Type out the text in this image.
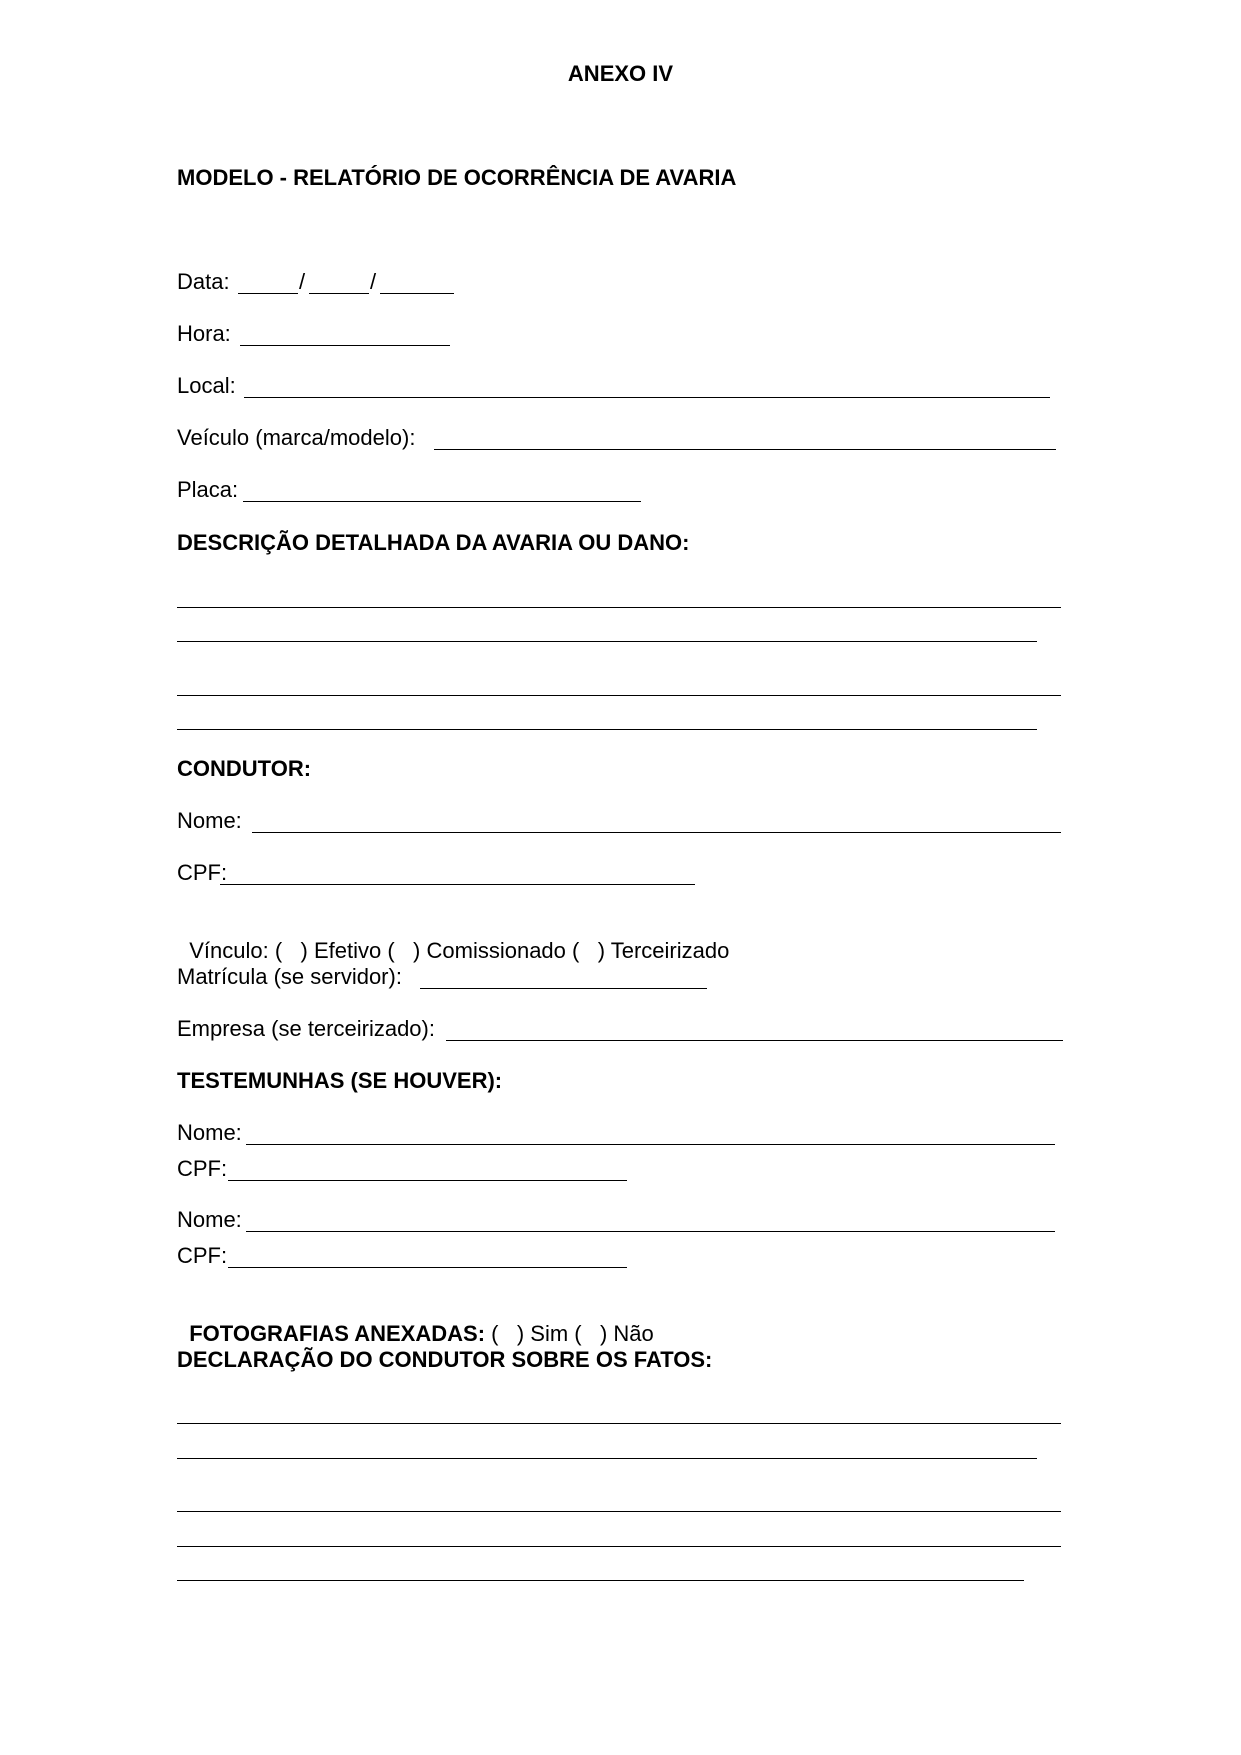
ANEXO IV
MODELO - RELATÓRIO DE OCORRÊNCIA DE AVARIA
Data:	/	/
Hora:
Local:
Veículo (marca/modelo):
Placa:
DESCRIÇÃO DETALHADA DA AVARIA OU DANO:
CONDUTOR:
Nome:
CPF:

Vínculo: (   ) Efetivo (   ) Comissionado (   ) Terceirizado

Matrícula (se servidor):
Empresa (se terceirizado):
TESTEMUNHAS (SE HOUVER):
Nome:
CPF:
Nome:
CPF:

FOTOGRAFIAS ANEXADAS: (   ) Sim (   ) Não

DECLARAÇÃO DO CONDUTOR SOBRE OS FATOS:
